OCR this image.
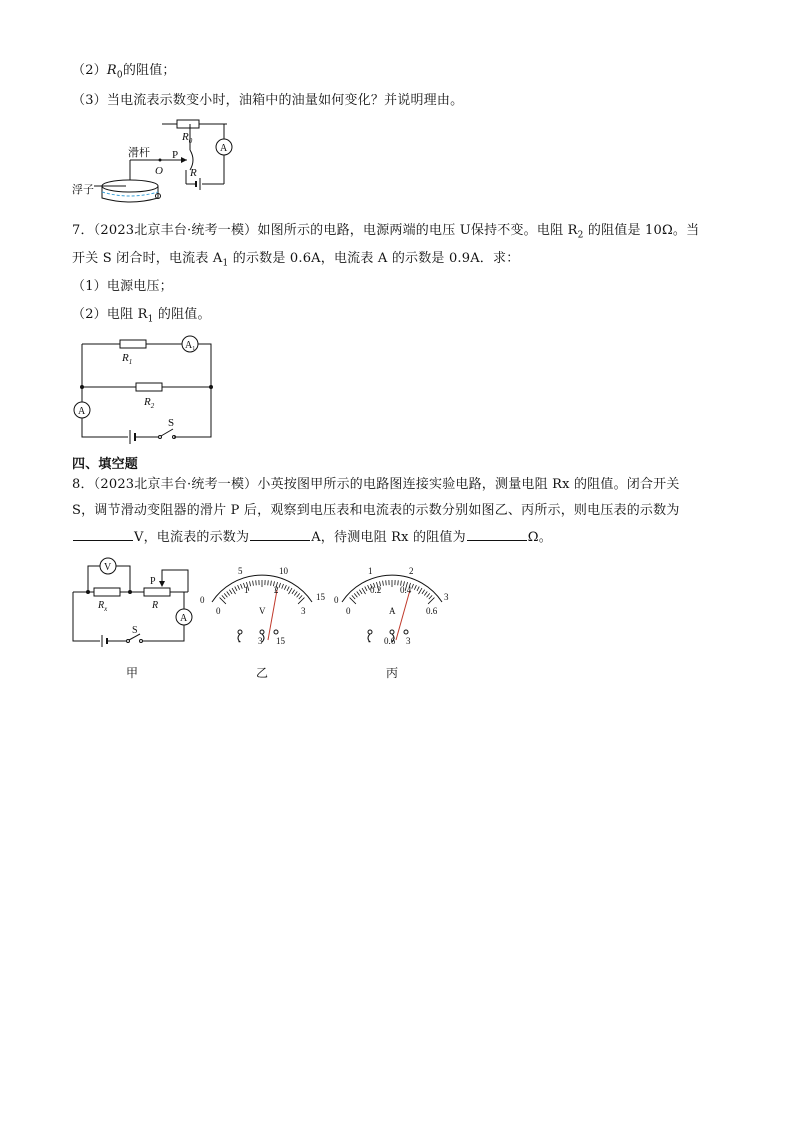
$(2)R_0$的阻值；
（3）当电流表示数变小时，油箱中的油量如何变化？并说明理由。
滑杆 P
O R
$R_0$
A
浮子
7．（2023北京丰台·统考一模）如图所示的电路，电源两端的电压 U保持不变。电阻 $R_2$ 的阻值是 10Ω。当
开关 S 闭合时，电流表 $A_1$ 的示数是 0.6A，电流表 A 的示数是 0.9A．求：
（1）电源电压；
（2）电阻 $R_1$ 的阻值。
$R_1$
$R_2$
$A_1$
A
S
四、填空题
8．（2023北京丰台·统考一模）小英按图甲所示的电路图连接实验电路，测量电阻 Rx 的阻值。闭合开关
S，调节滑动变阻器的滑片 P 后，观察到电压表和电流表的示数分别如图乙、丙所示，则电压表的示数为
V，电流表的示数为	A，待测电阻 Rx 的阻值为	Ω。
V
A
$R_x$	R
P
S
甲
0
5	10
15
0
1	2
3
V
- 3 15
乙
0
1	2
3
0
0.2 0.4
0.6
A
- 0.6 3
丙
